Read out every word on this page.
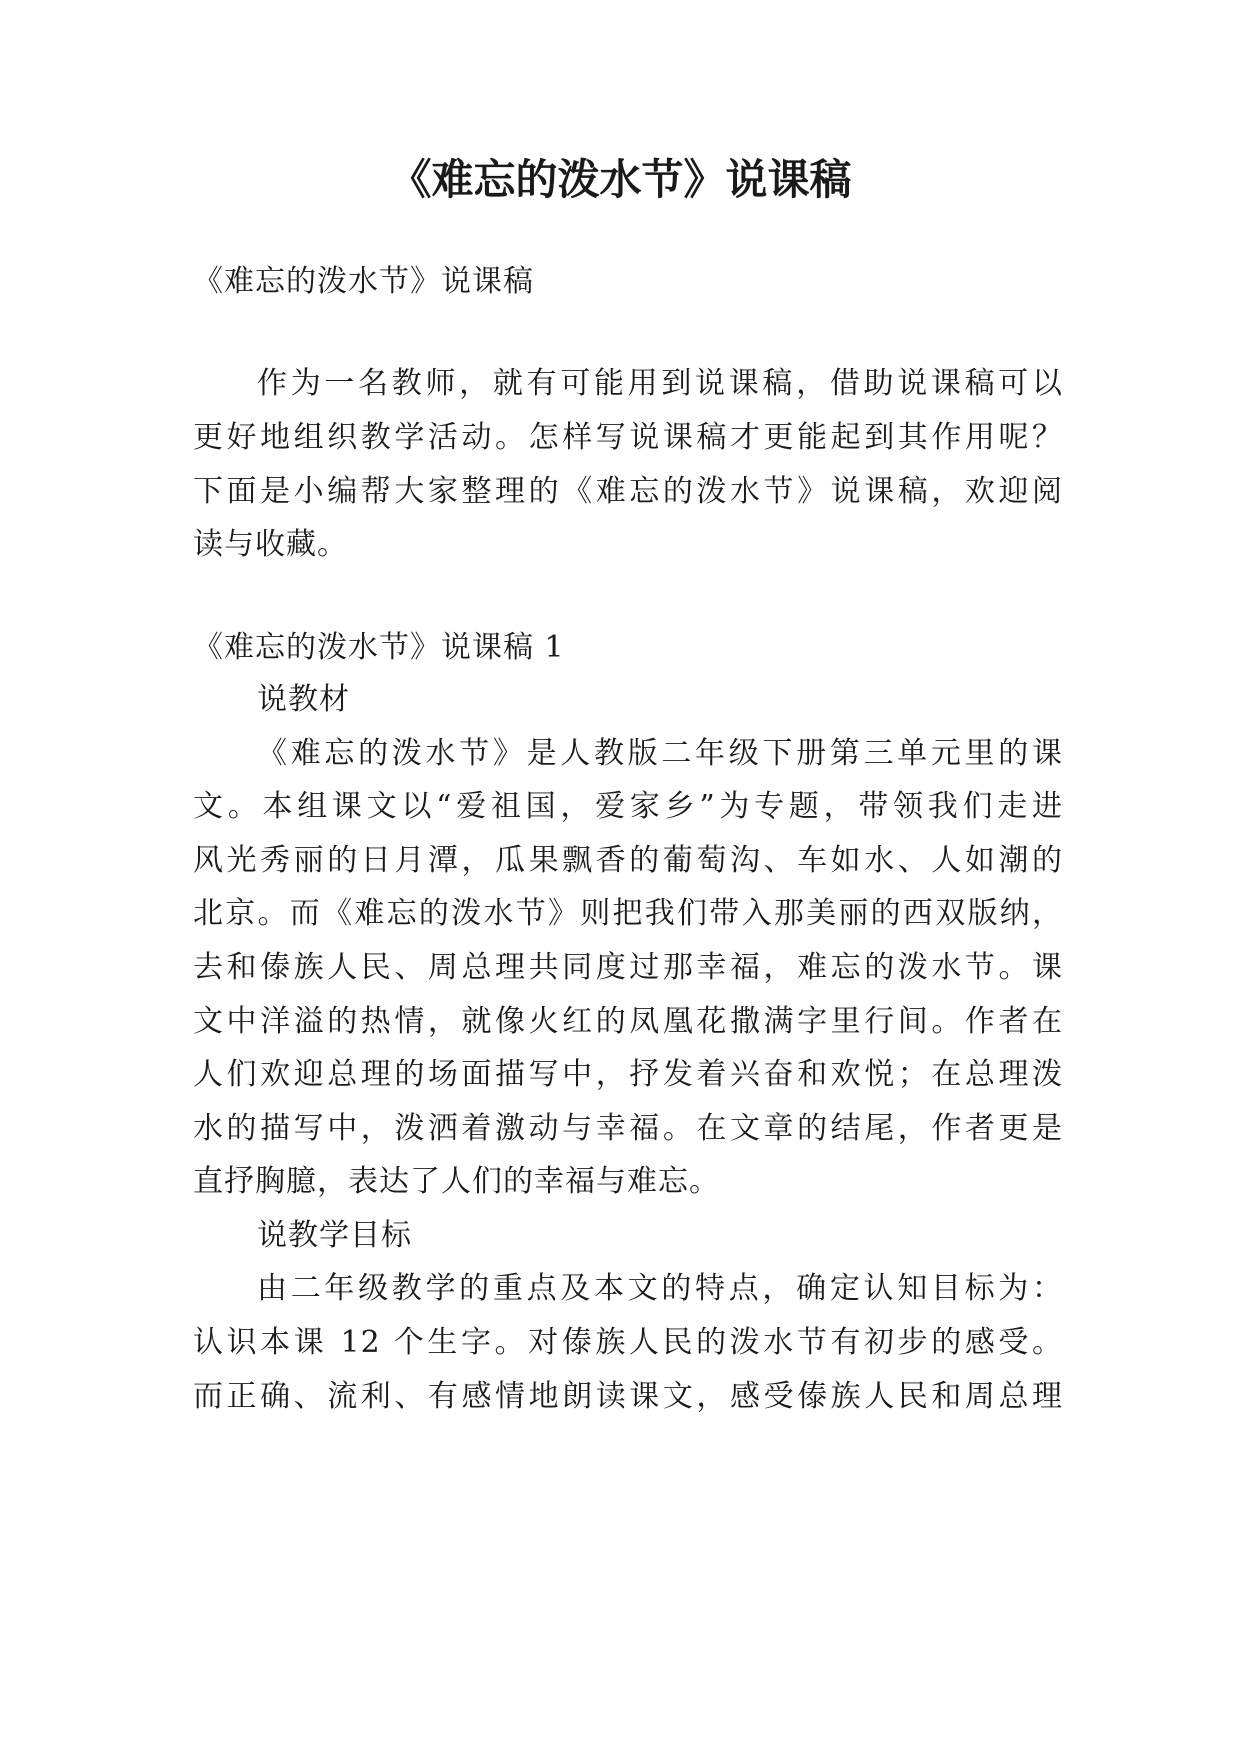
《难忘的泼水节》说课稿

《难忘的泼水节》说课稿

作为一名教师，就有可能用到说课稿，借助说课稿可以

更好地组织教学活动。怎样写说课稿才更能起到其作用呢？

下面是小编帮大家整理的《难忘的泼水节》说课稿，欢迎阅

读与收藏。

《难忘的泼水节》说课稿 1

说教材

《难忘的泼水节》是人教版二年级下册第三单元里的课

文。本组课文以“爱祖国，爱家乡”为专题，带领我们走进

风光秀丽的日月潭，瓜果飘香的葡萄沟、车如水、人如潮的

北京。而《难忘的泼水节》则把我们带入那美丽的西双版纳，

去和傣族人民、周总理共同度过那幸福，难忘的泼水节。课

文中洋溢的热情，就像火红的凤凰花撒满字里行间。作者在

人们欢迎总理的场面描写中，抒发着兴奋和欢悦；在总理泼

水的描写中，泼洒着激动与幸福。在文章的结尾，作者更是

直抒胸臆，表达了人们的幸福与难忘。

说教学目标

由二年级教学的重点及本文的特点，确定认知目标为：

认识本课 12 个生字。对傣族人民的泼水节有初步的感受。

而正确、流利、有感情地朗读课文，感受傣族人民和周总理
